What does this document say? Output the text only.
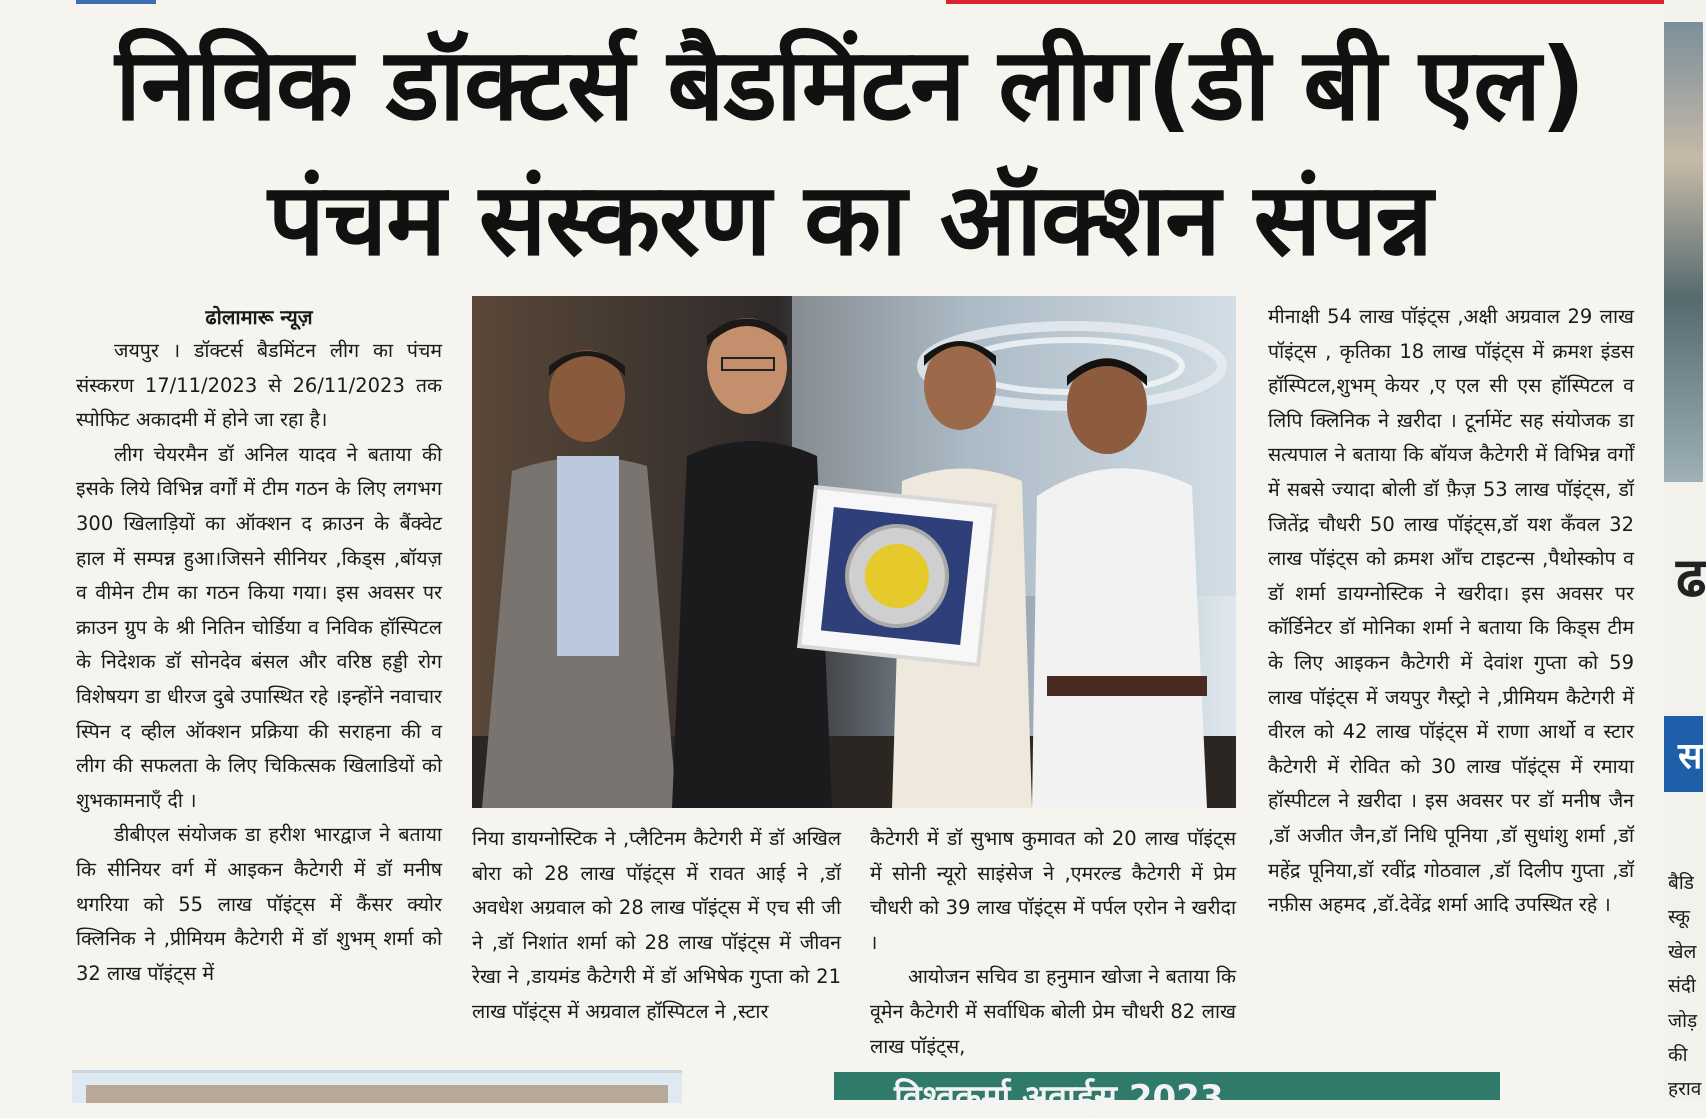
निविक डॉक्टर्स बैडमिंटन लीग(डी बी एल)
पंचम संस्करण का ऑक्शन संपन्न
ढोलामारू न्यूज़

जयपुर । डॉक्टर्स बैडमिंटन लीग का पंचम संस्करण 17/11/2023 से 26/11/2023 तक स्पोफिट अकादमी में होने जा रहा है।

लीग चेयरमैन डॉ अनिल यादव ने बताया की इसके लिये विभिन्न वर्गों में टीम गठन के लिए लगभग 300 खिलाड़ियों का ऑक्शन द क्राउन के बैंक्वेट हाल में सम्पन्न हुआ।जिसने सीनियर ,किड्स ,बॉयज़ व वीमेन टीम का गठन किया गया। इस अवसर पर क्राउन ग्रुप के श्री नितिन चोर्डिया व निविक हॉस्पिटल के निदेशक डॉ सोनदेव बंसल और वरिष्ठ हड्डी रोग विशेषयग डा धीरज दुबे उपास्थित रहे ।इन्होंने नवाचार स्पिन द व्हील ऑक्शन प्रक्रिया की सराहना की व लीग की सफलता के लिए चिकित्सक खिलाडियों को शुभकामनाएँ दी ।

डीबीएल संयोजक डा हरीश भारद्वाज ने बताया कि सीनियर वर्ग में आइकन कैटेगरी में डॉ मनीष थगरिया को 55 लाख पॉइंट्स में कैंसर क्योर क्लिनिक ने ,प्रीमियम कैटेगरी में डॉ शुभम् शर्मा को 32 लाख पॉइंट्स में

निया डायग्नोस्टिक ने ,प्लैटिनम कैटेगरी में डॉ अखिल बोरा को 28 लाख पॉइंट्स में रावत आई ने ,डॉ अवधेश अग्रवाल को 28 लाख पॉइंट्स में एच सी जी ने ,डॉ निशांत शर्मा को 28 लाख पॉइंट्स में जीवन रेखा ने ,डायमंड कैटेगरी में डॉ अभिषेक गुप्ता को 21 लाख पॉइंट्स में अग्रवाल हॉस्पिटल ने ,स्टार

कैटेगरी में डॉ सुभाष कुमावत को 20 लाख पॉइंट्स में सोनी न्यूरो साइंसेज ने ,एमरल्ड कैटेगरी में प्रेम चौधरी को 39 लाख पॉइंट्स में पर्पल एरोन ने खरीदा ।

आयोजन सचिव डा हनुमान खोजा ने बताया कि वूमेन कैटेगरी में सर्वाधिक बोली प्रेम चौधरी 82 लाख लाख पॉइंट्स,

मीनाक्षी 54 लाख पॉइंट्स ,अक्षी अग्रवाल 29 लाख पॉइंट्स , कृतिका 18 लाख पॉइंट्स में क्रमश इंडस हॉस्पिटल,शुभम् केयर ,ए एल सी एस हॉस्पिटल व लिपि क्लिनिक ने ख़रीदा । टूर्नामेंट सह संयोजक डा सत्यपाल ने बताया कि बॉयज कैटेगरी में विभिन्न वर्गों में सबसे ज्यादा बोली डॉ फ़ैज़ 53 लाख पॉइंट्स, डॉ जितेंद्र चौधरी 50 लाख पॉइंट्स,डॉ यश कँवल 32 लाख पॉइंट्स को क्रमश आँच टाइटन्स ,पैथोस्कोप व डॉ शर्मा डायग्नोस्टिक ने खरीदा। इस अवसर पर कॉर्डिनेटर डॉ मोनिका शर्मा ने बताया कि किड्स टीम के लिए आइकन कैटेगरी में देवांश गुप्ता को 59 लाख पॉइंट्स में जयपुर गैस्ट्रो ने ,प्रीमियम कैटेगरी में वीरल को 42 लाख पॉइंट्स में राणा आर्थो व स्टार कैटेगरी में रोवित को 30 लाख पॉइंट्स में रमाया हॉस्पीटल ने ख़रीदा । इस अवसर पर डॉ मनीष जैन ,डॉ अजीत जैन,डॉ निधि पूनिया ,डॉ सुधांशु शर्मा ,डॉ महेंद्र पूनिया,डॉ रवींद्र गोठवाल ,डॉ दिलीप गुप्ता ,डॉ नफ़ीस अहमद ,डॉ.देवेंद्र शर्मा आदि उपस्थित रहे ।

विश्वकर्मा अवार्ड्स 2023
ढ
स
बैडि
स्कू
खेल
संदी
जोड़
की
हराव
